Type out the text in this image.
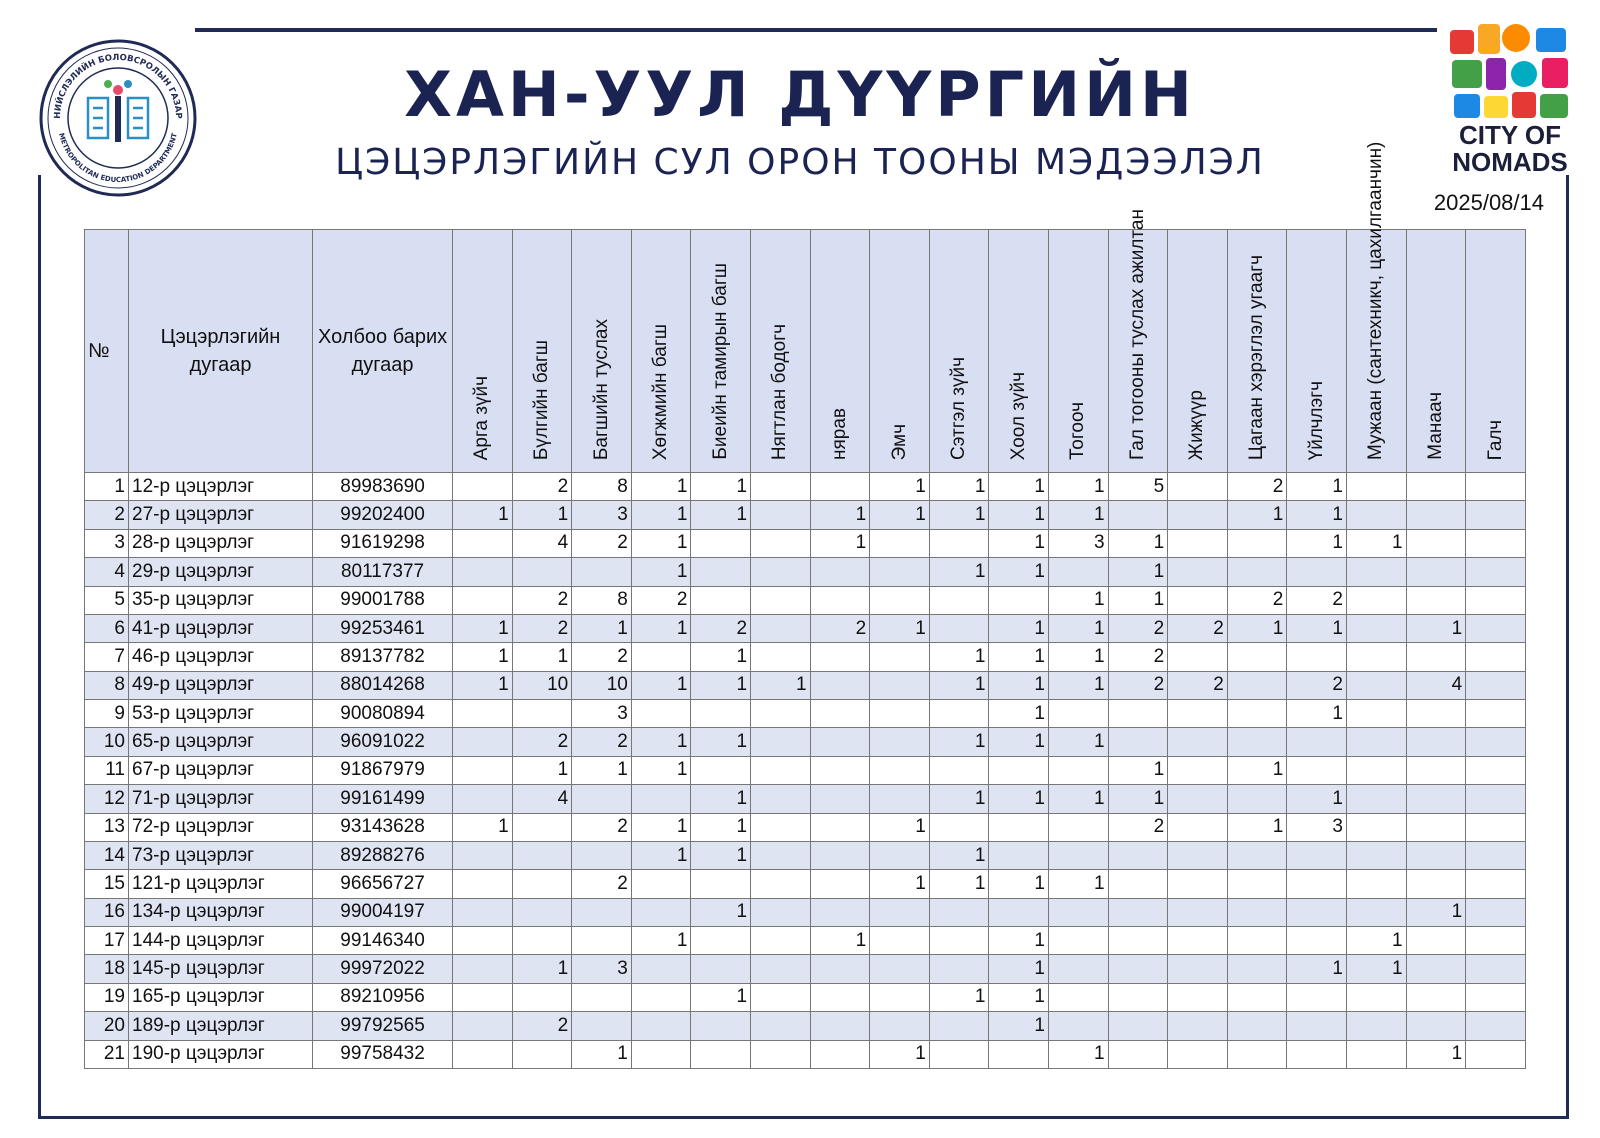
НИЙСЛЭЛИЙН БОЛОВСРОЛЫН ГАЗАР
METROPOLITAN EDUCATION DEPARTMENT	CITY OF
NOMADS
ХАН-УУЛ ДҮҮРГИЙН
ЦЭЦЭРЛЭГИЙН СУЛ ОРОН ТООНЫ МЭДЭЭЛЭЛ
2025/08/14
№	Цэцэрлэгийн дугаар	Холбоо барих дугаар	Арга зүйч	Бүлгийн багш	Багшийн туслах	Хөгжмийн багш	Биеийн тамирын багш	Нягтлан бодогч	нярав	Эмч	Сэтгэл зүйч	Хоол зүйч	Тогооч	Гал тогооны туслах ажилтан	Жижүүр	Цагаан хэрэглэл угаагч	Үйлчлэгч	Мужаан (сантехникч, цахилгаанчин)	Манаач	Галч
1	12-р цэцэрлэг	89983690		2	8	1	1			1	1	1	1	5		2	1			
2	27-р цэцэрлэг	99202400	1	1	3	1	1		1	1	1	1	1			1	1			
3	28-р цэцэрлэг	91619298		4	2	1			1			1	3	1			1	1		
4	29-р цэцэрлэг	80117377				1					1	1		1						
5	35-р цэцэрлэг	99001788		2	8	2							1	1		2	2			
6	41-р цэцэрлэг	99253461	1	2	1	1	2		2	1		1	1	2	2	1	1		1	
7	46-р цэцэрлэг	89137782	1	1	2		1				1	1	1	2						
8	49-р цэцэрлэг	88014268	1	10	10	1	1	1			1	1	1	2	2		2		4	
9	53-р цэцэрлэг	90080894			3							1					1			
10	65-р цэцэрлэг	96091022		2	2	1	1				1	1	1							
11	67-р цэцэрлэг	91867979		1	1	1								1		1				
12	71-р цэцэрлэг	99161499		4			1				1	1	1	1			1			
13	72-р цэцэрлэг	93143628	1		2	1	1			1				2		1	3			
14	73-р цэцэрлэг	89288276				1	1				1									
15	121-р цэцэрлэг	96656727			2					1	1	1	1							
16	134-р цэцэрлэг	99004197					1												1	
17	144-р цэцэрлэг	99146340				1			1			1						1		
18	145-р цэцэрлэг	99972022		1	3							1					1	1		
19	165-р цэцэрлэг	89210956					1				1	1								
20	189-р цэцэрлэг	99792565		2								1								
21	190-р цэцэрлэг	99758432			1					1			1						1	
